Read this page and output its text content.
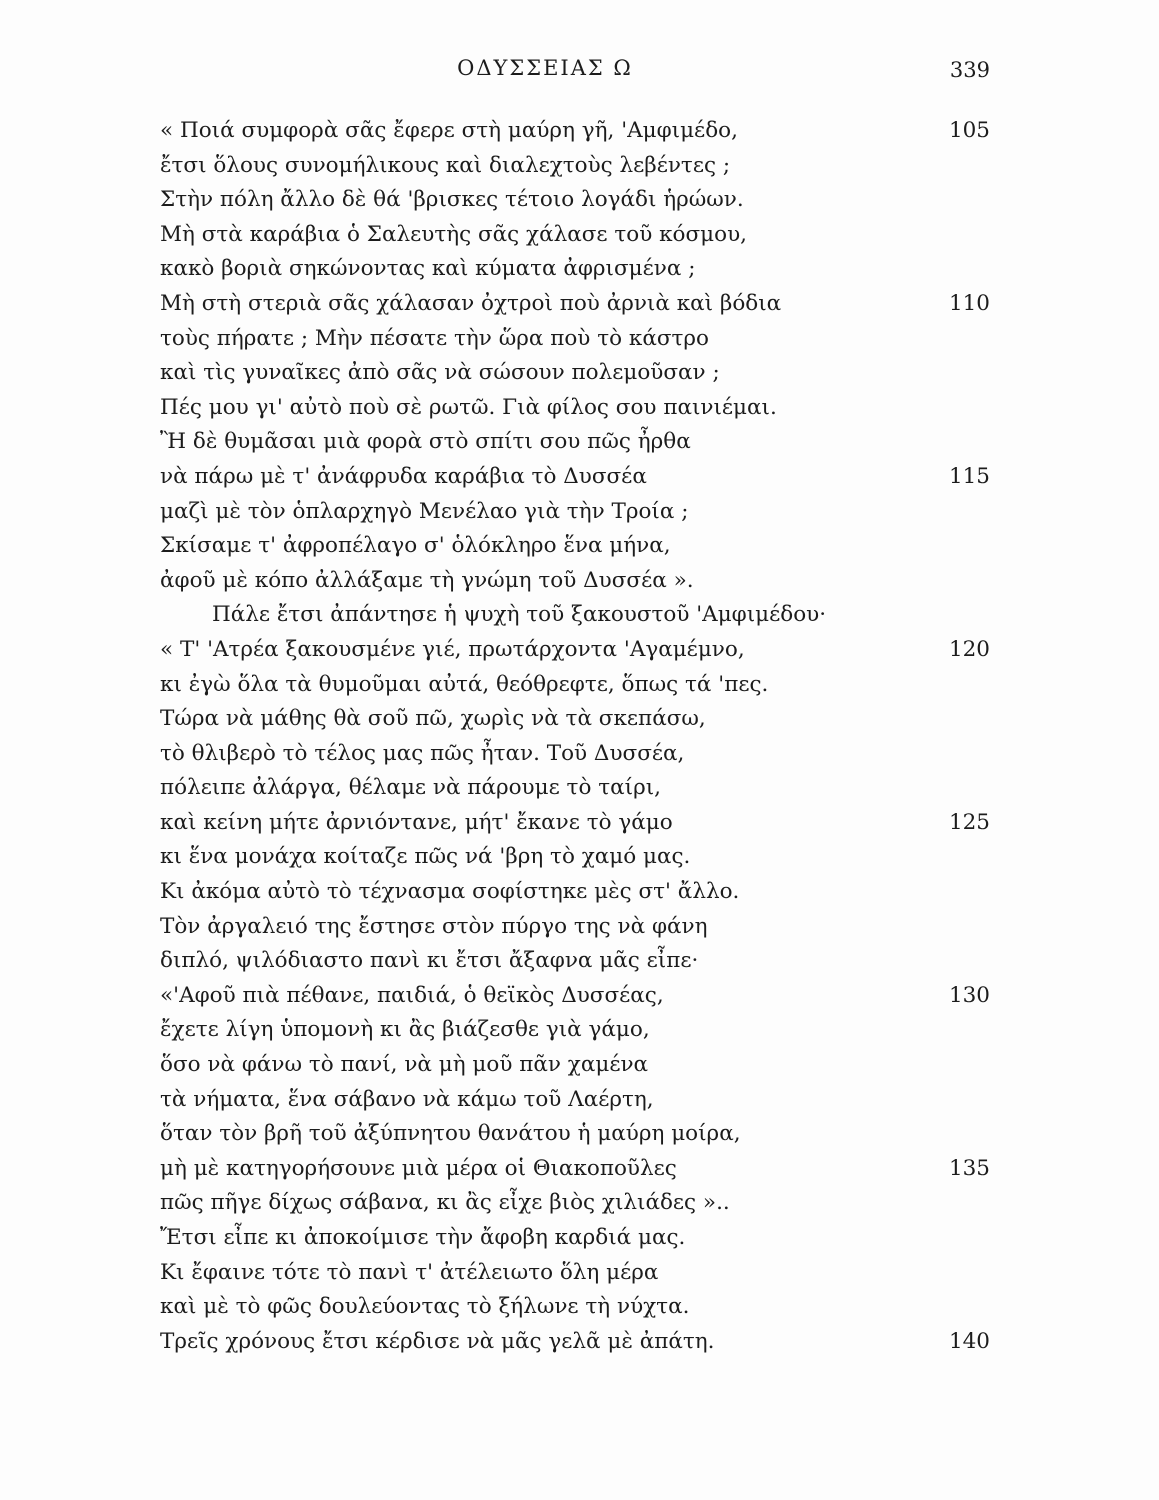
ΟΔΥΣΣΕΙΑΣ Ω	339
« Ποιά συμφορὰ σᾶς ἔφερε στὴ μαύρη γῆ, 'Αμφιμέδο,	105
ἔτσι ὅλους συνομήλικους καὶ διαλεχτοὺς λεβέντες ;
Στὴν πόλη ἄλλο δὲ θά 'βρισκες τέτοιο λογάδι ἡρώων.
Μὴ στὰ καράβια ὁ Σαλευτὴς σᾶς χάλασε τοῦ κόσμου,
κακὸ βοριὰ σηκώνοντας καὶ κύματα ἀφρισμένα ;
Μὴ στὴ στεριὰ σᾶς χάλασαν ὀχτροὶ ποὺ ἀρνιὰ καὶ βόδια	110
τοὺς πήρατε ; Μὴν πέσατε τὴν ὥρα ποὺ τὸ κάστρο
καὶ τὶς γυναῖκες ἀπὸ σᾶς νὰ σώσουν πολεμοῦσαν ;
Πές μου γι' αὐτὸ ποὺ σὲ ρωτῶ. Γιὰ φίλος σου παινιέμαι.
Ἢ δὲ θυμᾶσαι μιὰ φορὰ στὸ σπίτι σου πῶς ἦρθα
νὰ πάρω μὲ τ' ἀνάφρυδα καράβια τὸ Δυσσέα	115
μαζὶ μὲ τὸν ὁπλαρχηγὸ Μενέλαο γιὰ τὴν Τροία ;
Σκίσαμε τ' ἀφροπέλαγο σ' ὁλόκληρο ἕνα μήνα,
ἀφοῦ μὲ κόπο ἀλλάξαμε τὴ γνώμη τοῦ Δυσσέα ».
Πάλε ἔτσι ἀπάντησε ἡ ψυχὴ τοῦ ξακουστοῦ 'Αμφιμέδου·
« Τ' 'Ατρέα ξακουσμένε γιέ, πρωτάρχοντα 'Αγαμέμνο,	120
κι ἐγὼ ὅλα τὰ θυμοῦμαι αὐτά, θεόθρεφτε, ὅπως τά 'πες.
Τώρα νὰ μάθης θὰ σοῦ πῶ, χωρὶς νὰ τὰ σκεπάσω,
τὸ θλιβερὸ τὸ τέλος μας πῶς ἦταν. Τοῦ Δυσσέα,
πόλειπε ἀλάργα, θέλαμε νὰ πάρουμε τὸ ταίρι,
καὶ κείνη μήτε ἀρνιόντανε, μήτ' ἔκανε τὸ γάμο	125
κι ἕνα μονάχα κοίταζε πῶς νά 'βρη τὸ χαμό μας.
Κι ἀκόμα αὐτὸ τὸ τέχνασμα σοφίστηκε μὲς στ' ἄλλο.
Τὸν ἀργαλειό της ἔστησε στὸν πύργο της νὰ φάνη
διπλό, ψιλόδιαστο πανὶ κι ἔτσι ἄξαφνα μᾶς εἶπε·
«'Αφοῦ πιὰ πέθανε, παιδιά, ὁ θεϊκὸς Δυσσέας,	130
ἔχετε λίγη ὑπομονὴ κι ἂς βιάζεσθε γιὰ γάμο,
ὅσο νὰ φάνω τὸ πανί, νὰ μὴ μοῦ πᾶν χαμένα
τὰ νήματα, ἕνα σάβανο νὰ κάμω τοῦ Λαέρτη,
ὅταν τὸν βρῆ τοῦ ἀξύπνητου θανάτου ἡ μαύρη μοίρα,
μὴ μὲ κατηγορήσουνε μιὰ μέρα οἱ Θιακοποῦλες	135
πῶς πῆγε δίχως σάβανα, κι ἂς εἶχε βιὸς χιλιάδες »..
Ἔτσι εἶπε κι ἀποκοίμισε τὴν ἄφοβη καρδιά μας.
Κι ἔφαινε τότε τὸ πανὶ τ' ἀτέλειωτο ὅλη μέρα
καὶ μὲ τὸ φῶς δουλεύοντας τὸ ξήλωνε τὴ νύχτα.
Τρεῖς χρόνους ἔτσι κέρδισε νὰ μᾶς γελᾶ μὲ ἀπάτη.	140
